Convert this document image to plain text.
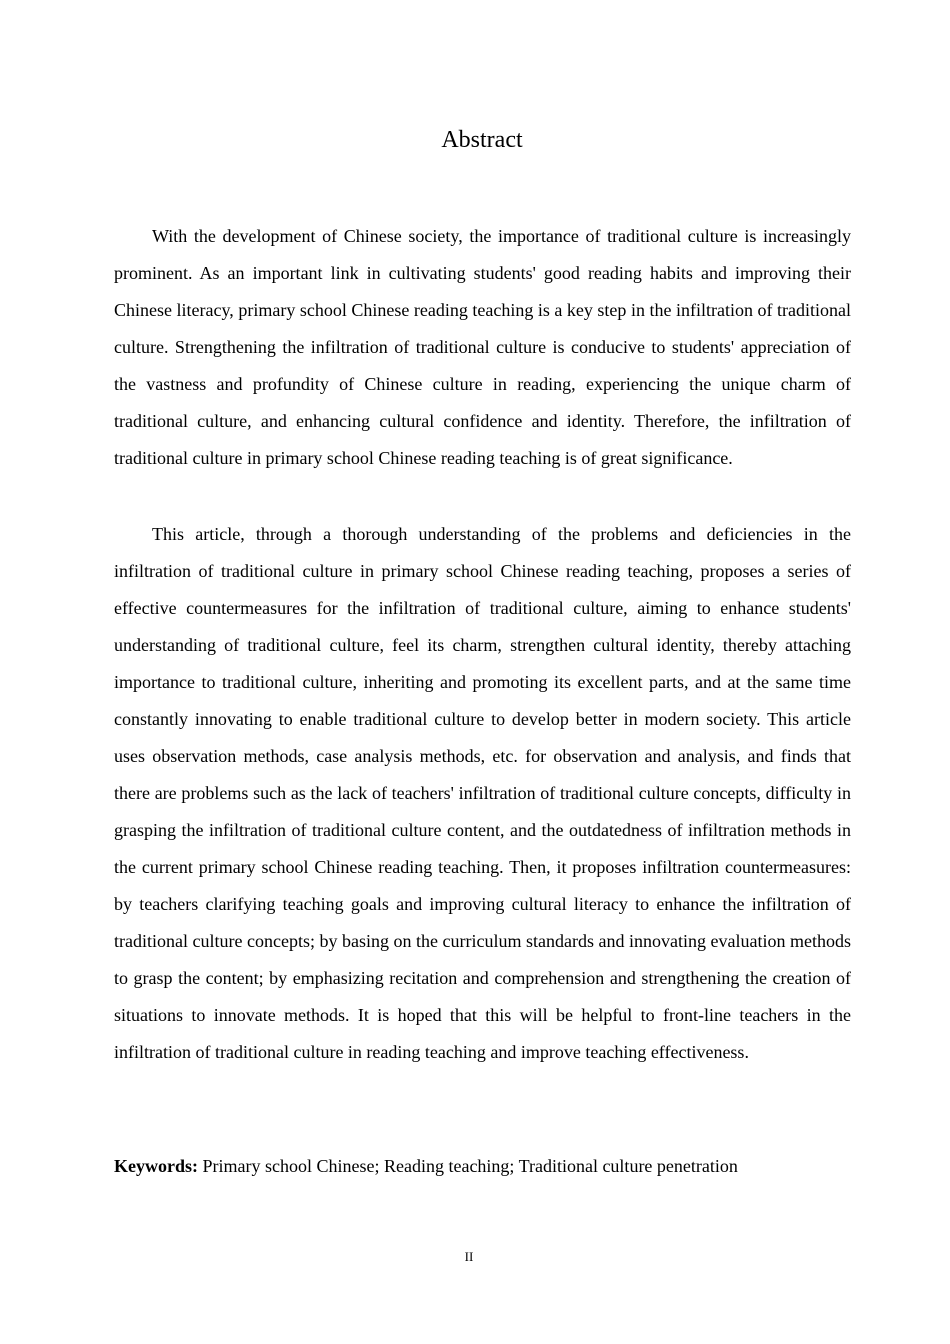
Abstract

With the development of Chinese society, the importance of traditional culture is increasingly prominent. As an important link in cultivating students' good reading habits and improving their Chinese literacy, primary school Chinese reading teaching is a key step in the infiltration of traditional culture. Strengthening the infiltration of traditional culture is conducive to students' appreciation of the vastness and profundity of Chinese culture in reading, experiencing the unique charm of traditional culture, and enhancing cultural confidence and identity. Therefore, the infiltration of traditional culture in primary school Chinese reading teaching is of great significance.

This article, through a thorough understanding of the problems and deficiencies in the infiltration of traditional culture in primary school Chinese reading teaching, proposes a series of effective countermeasures for the infiltration of traditional culture, aiming to enhance students' understanding of traditional culture, feel its charm, strengthen cultural identity, thereby attaching importance to traditional culture, inheriting and promoting its excellent parts, and at the same time constantly innovating to enable traditional culture to develop better in modern society. This article uses observation methods, case analysis methods, etc. for observation and analysis, and finds that there are problems such as the lack of teachers' infiltration of traditional culture concepts, difficulty in grasping the infiltration of traditional culture content, and the outdatedness of infiltration methods in the current primary school Chinese reading teaching. Then, it proposes infiltration countermeasures: by teachers clarifying teaching goals and improving cultural literacy to enhance the infiltration of traditional culture concepts; by basing on the curriculum standards and innovating evaluation methods to grasp the content; by emphasizing recitation and comprehension and strengthening the creation of situations to innovate methods. It is hoped that this will be helpful to front-line teachers in the infiltration of traditional culture in reading teaching and improve teaching effectiveness.

Keywords: Primary school Chinese; Reading teaching; Traditional culture penetration

II
